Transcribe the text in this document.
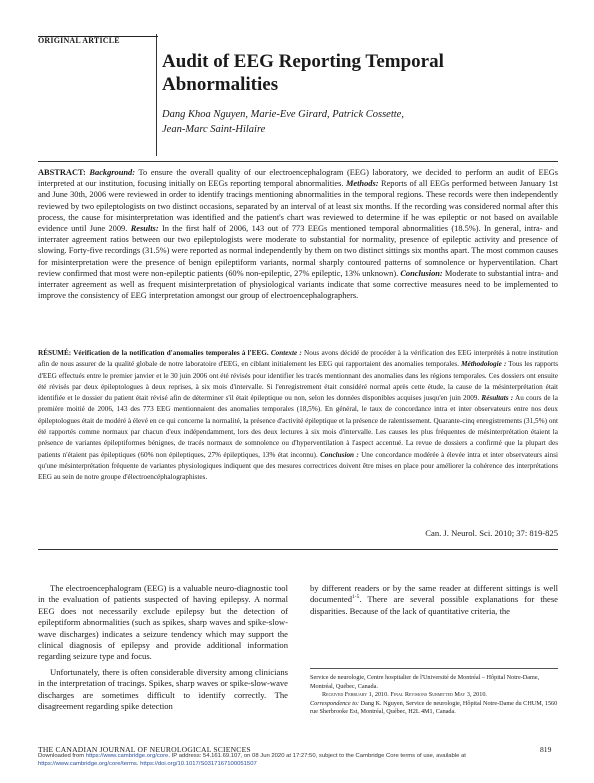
ORIGINAL ARTICLE
Audit of EEG Reporting Temporal Abnormalities
Dang Khoa Nguyen, Marie-Eve Girard, Patrick Cossette,
Jean-Marc Saint-Hilaire
ABSTRACT: Background: To ensure the overall quality of our electroencephalogram (EEG) laboratory, we decided to perform an audit of EEGs interpreted at our institution, focusing initially on EEGs reporting temporal abnormalities. Methods: Reports of all EEGs performed between January 1st and June 30th, 2006 were reviewed in order to identify tracings mentioning abnormalities in the temporal regions. These records were then independently reviewed by two epileptologists on two distinct occasions, separated by an interval of at least six months. If the recording was considered normal after this process, the cause for misinterpretation was identified and the patient's chart was reviewed to determine if he was epileptic or not based on available evidence until June 2009. Results: In the first half of 2006, 143 out of 773 EEGs mentioned temporal abnormalities (18.5%). In general, intra- and interrater agreement ratios between our two epileptologists were moderate to substantial for normality, presence of epileptic activity and presence of slowing. Forty-five recordings (31.5%) were reported as normal independently by them on two distinct sittings six months apart. The most common causes for misinterpretation were the presence of benign epileptiform variants, normal sharply contoured patterns of somnolence or hyperventilation. Chart review confirmed that most were non-epileptic patients (60% non-epileptic, 27% epileptic, 13% unknown). Conclusion: Moderate to substantial intra- and interrater agreement as well as frequent misinterpretation of physiological variants indicate that some corrective measures need to be implemented to improve the consistency of EEG interpretation amongst our group of electroencephalographers.
RÉSUMÉ: Vérification de la notification d'anomalies temporales à l'EEG. Contexte : Nous avons décidé de procéder à la vérification des EEG interprétés à notre institution afin de nous assurer de la qualité globale de notre laboratoire d'EEG, en ciblant initialement les EEG qui rapportaient des anomalies temporales. Méthodologie : Tous les rapports d'EEG effectués entre le premier janvier et le 30 juin 2006 ont été révisés pour identifier les tracés mentionnant des anomalies dans les régions temporales. Ces dossiers ont ensuite été révisés par deux épileptologues à deux reprises, à six mois d'intervalle. Si l'enregistrement était considéré normal après cette étude, la cause de la mésinterprétation était identifiée et le dossier du patient était révisé afin de déterminer s'il était épileptique ou non, selon les données disponibles acquises jusqu'en juin 2009. Résultats : Au cours de la première moitié de 2006, 143 des 773 EEG mentionnaient des anomalies temporales (18,5%). En général, le taux de concordance intra et inter observateurs entre nos deux épileptologues était de modéré à élevé en ce qui concerne la normalité, la présence d'activité épileptique et la présence de ralentissement. Quarante-cinq enregistrements (31,5%) ont été rapportés comme normaux par chacun d'eux indépendamment, lors des deux lectures à six mois d'intervalle. Les causes les plus fréquentes de mésinterprétation étaient la présence de variantes épileptiformes bénignes, de tracés normaux de somnolence ou d'hyperventilation à l'aspect accentué. La revue de dossiers a confirmé que la plupart des patients n'étaient pas épileptiques (60% non épileptiques, 27% épileptiques, 13% état inconnu). Conclusion : Une concordance modérée à élevée intra et inter observateurs ainsi qu'une mésinterprétation fréquente de variantes physiologiques indiquent que des mesures correctrices doivent être mises en place pour améliorer la cohérence des interprétations EEG au sein de notre groupe d'électroencéphalographistes.
Can. J. Neurol. Sci. 2010; 37: 819-825

The electroencephalogram (EEG) is a valuable neuro-diagnostic tool in the evaluation of patients suspected of having epilepsy. A normal EEG does not necessarily exclude epilepsy but the detection of epileptiform abnormalities (such as spikes, sharp waves and spike-slow-wave discharges) indicates a seizure tendency which may support the clinical diagnosis of epilepsy and provide additional information regarding seizure type and focus.

Unfortunately, there is often considerable diversity among clinicians in the interpretation of tracings. Spikes, sharp waves or spike-slow-wave discharges are sometimes difficult to identify correctly. The disagreement regarding spike detection

by different readers or by the same reader at different sittings is well documented$^{1-5}$. There are several possible explanations for these disparities. Because of the lack of quantitative criteria, the

Service de neurologie, Centre hospitalier de l'Université de Montréal – Hôpital Notre-Dame, Montréal, Québec, Canada.
Received February 1, 2010. Final Revisions Submitted May 3, 2010.
Correspondence to: Dang K. Nguyen, Service de neurologie, Hôpital Notre-Dame du CHUM, 1560 rue Sherbrooke Est, Montréal, Québec, H2L 4M1, Canada.
THE CANADIAN JOURNAL OF NEUROLOGICAL SCIENCES	819
Downloaded from https://www.cambridge.org/core. IP address: 54.161.69.107, on 08 Jun 2020 at 17:27:50, subject to the Cambridge Core terms of use, available at
https://www.cambridge.org/core/terms. https://doi.org/10.1017/S0317167100051507
